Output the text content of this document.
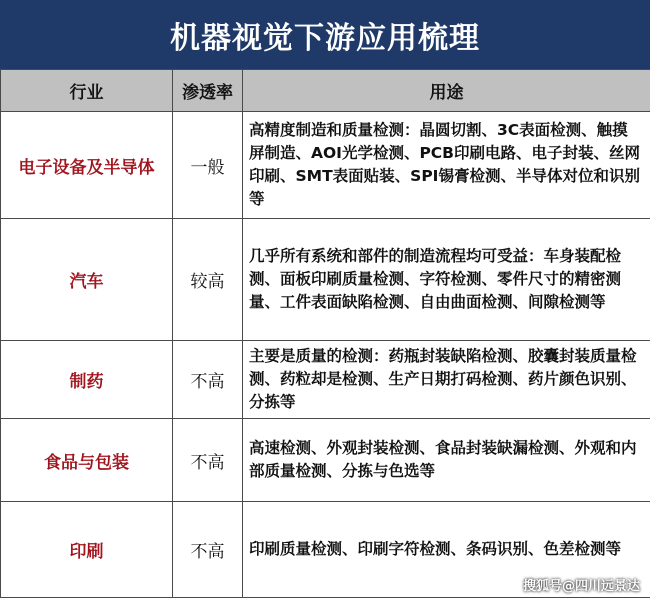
机器视觉下游应用梳理
行业	渗透率	用途
电子设备及半导体	一般	高精度制造和质量检测：晶圆切割、3C表面检测、触摸屏制造、AOI光学检测、PCB印刷电路、电子封装、丝网印刷、SMT表面贴装、SPI锡膏检测、半导体对位和识别等
汽车	较高	几乎所有系统和部件的制造流程均可受益：车身装配检测、面板印刷质量检测、字符检测、零件尺寸的精密测量、工件表面缺陷检测、自由曲面检测、间隙检测等
制药	不高	主要是质量的检测：药瓶封装缺陷检测、胶囊封装质量检测、药粒却是检测、生产日期打码检测、药片颜色识别、分拣等
食品与包装	不高	高速检测、外观封装检测、食品封装缺漏检测、外观和内部质量检测、分拣与色选等
印刷	不高	印刷质量检测、印刷字符检测、条码识别、色差检测等
搜狐号@四川远景达
